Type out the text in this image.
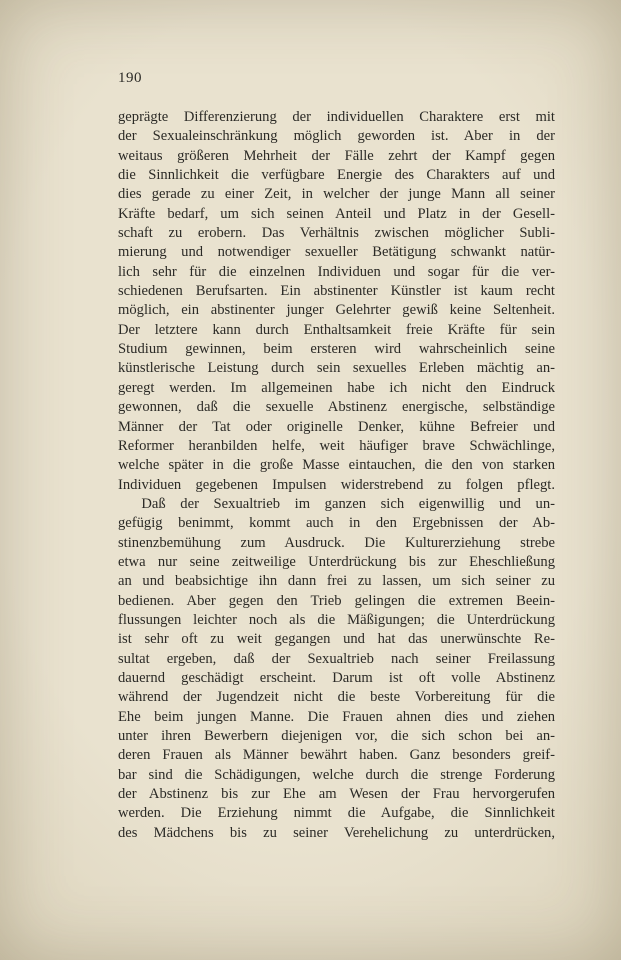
190
geprägte Differenzierung der individuellen Charaktere erst mit
der Sexualeinschränkung möglich geworden ist. Aber in der
weitaus größeren Mehrheit der Fälle zehrt der Kampf gegen
die Sinnlichkeit die verfügbare Energie des Charakters auf und
dies gerade zu einer Zeit, in welcher der junge Mann all seiner
Kräfte bedarf, um sich seinen Anteil und Platz in der Gesell-
schaft zu erobern. Das Verhältnis zwischen möglicher Subli-
mierung und notwendiger sexueller Betätigung schwankt natür-
lich sehr für die einzelnen Individuen und sogar für die ver-
schiedenen Berufsarten. Ein abstinenter Künstler ist kaum recht
möglich, ein abstinenter junger Gelehrter gewiß keine Seltenheit.
Der letztere kann durch Enthaltsamkeit freie Kräfte für sein
Studium gewinnen, beim ersteren wird wahrscheinlich seine
künstlerische Leistung durch sein sexuelles Erleben mächtig an-
geregt werden. Im allgemeinen habe ich nicht den Eindruck
gewonnen, daß die sexuelle Abstinenz energische, selbständige
Männer der Tat oder originelle Denker, kühne Befreier und
Reformer heranbilden helfe, weit häufiger brave Schwächlinge,
welche später in die große Masse eintauchen, die den von starken
Individuen gegebenen Impulsen widerstrebend zu folgen pflegt.
Daß der Sexualtrieb im ganzen sich eigenwillig und un-
gefügig benimmt, kommt auch in den Ergebnissen der Ab-
stinenzbemühung zum Ausdruck. Die Kulturerziehung strebe
etwa nur seine zeitweilige Unterdrückung bis zur Eheschließung
an und beabsichtige ihn dann frei zu lassen, um sich seiner zu
bedienen. Aber gegen den Trieb gelingen die extremen Beein-
flussungen leichter noch als die Mäßigungen; die Unterdrückung
ist sehr oft zu weit gegangen und hat das unerwünschte Re-
sultat ergeben, daß der Sexualtrieb nach seiner Freilassung
dauernd geschädigt erscheint. Darum ist oft volle Abstinenz
während der Jugendzeit nicht die beste Vorbereitung für die
Ehe beim jungen Manne. Die Frauen ahnen dies und ziehen
unter ihren Bewerbern diejenigen vor, die sich schon bei an-
deren Frauen als Männer bewährt haben. Ganz besonders greif-
bar sind die Schädigungen, welche durch die strenge Forderung
der Abstinenz bis zur Ehe am Wesen der Frau hervorgerufen
werden. Die Erziehung nimmt die Aufgabe, die Sinnlichkeit
des Mädchens bis zu seiner Verehelichung zu unterdrücken,
